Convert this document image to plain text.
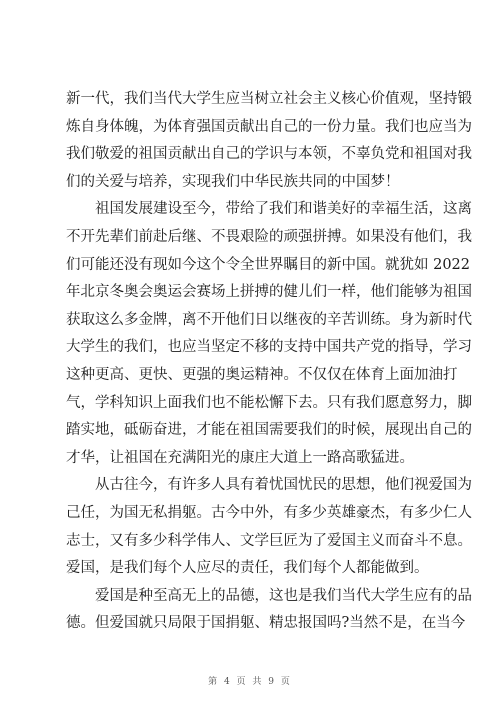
新一代，我们当代大学生应当树立社会主义核心价值观，坚持锻
炼自身体魄，为体育强国贡献出自己的一份力量。我们也应当为
我们敬爱的祖国贡献出自己的学识与本领，不辜负党和祖国对我
们的关爱与培养，实现我们中华民族共同的中国梦！
祖国发展建设至今，带给了我们和谐美好的幸福生活，这离
不开先辈们前赴后继、不畏艰险的顽强拼搏。如果没有他们，我
们可能还没有现如今这个令全世界瞩目的新中国。就犹如 2022
年北京冬奥会奥运会赛场上拼搏的健儿们一样，他们能够为祖国
获取这么多金牌，离不开他们日以继夜的辛苦训练。身为新时代
大学生的我们，也应当坚定不移的支持中国共产党的指导，学习
这种更高、更快、更强的奥运精神。不仅仅在体育上面加油打
气，学科知识上面我们也不能松懈下去。只有我们愿意努力，脚
踏实地，砥砺奋进，才能在祖国需要我们的时候，展现出自己的
才华，让祖国在充满阳光的康庄大道上一路高歌猛进。
从古往今，有许多人具有着忧国忧民的思想，他们视爱国为
己任，为国无私捐躯。古今中外，有多少英雄豪杰，有多少仁人
志士，又有多少科学伟人、文学巨匠为了爱国主义而奋斗不息。
爱国，是我们每个人应尽的责任，我们每个人都能做到。
爱国是种至高无上的品德，这也是我们当代大学生应有的品
德。但爱国就只局限于国捐躯、精忠报国吗?当然不是，在当今
第 4 页 共 9 页
